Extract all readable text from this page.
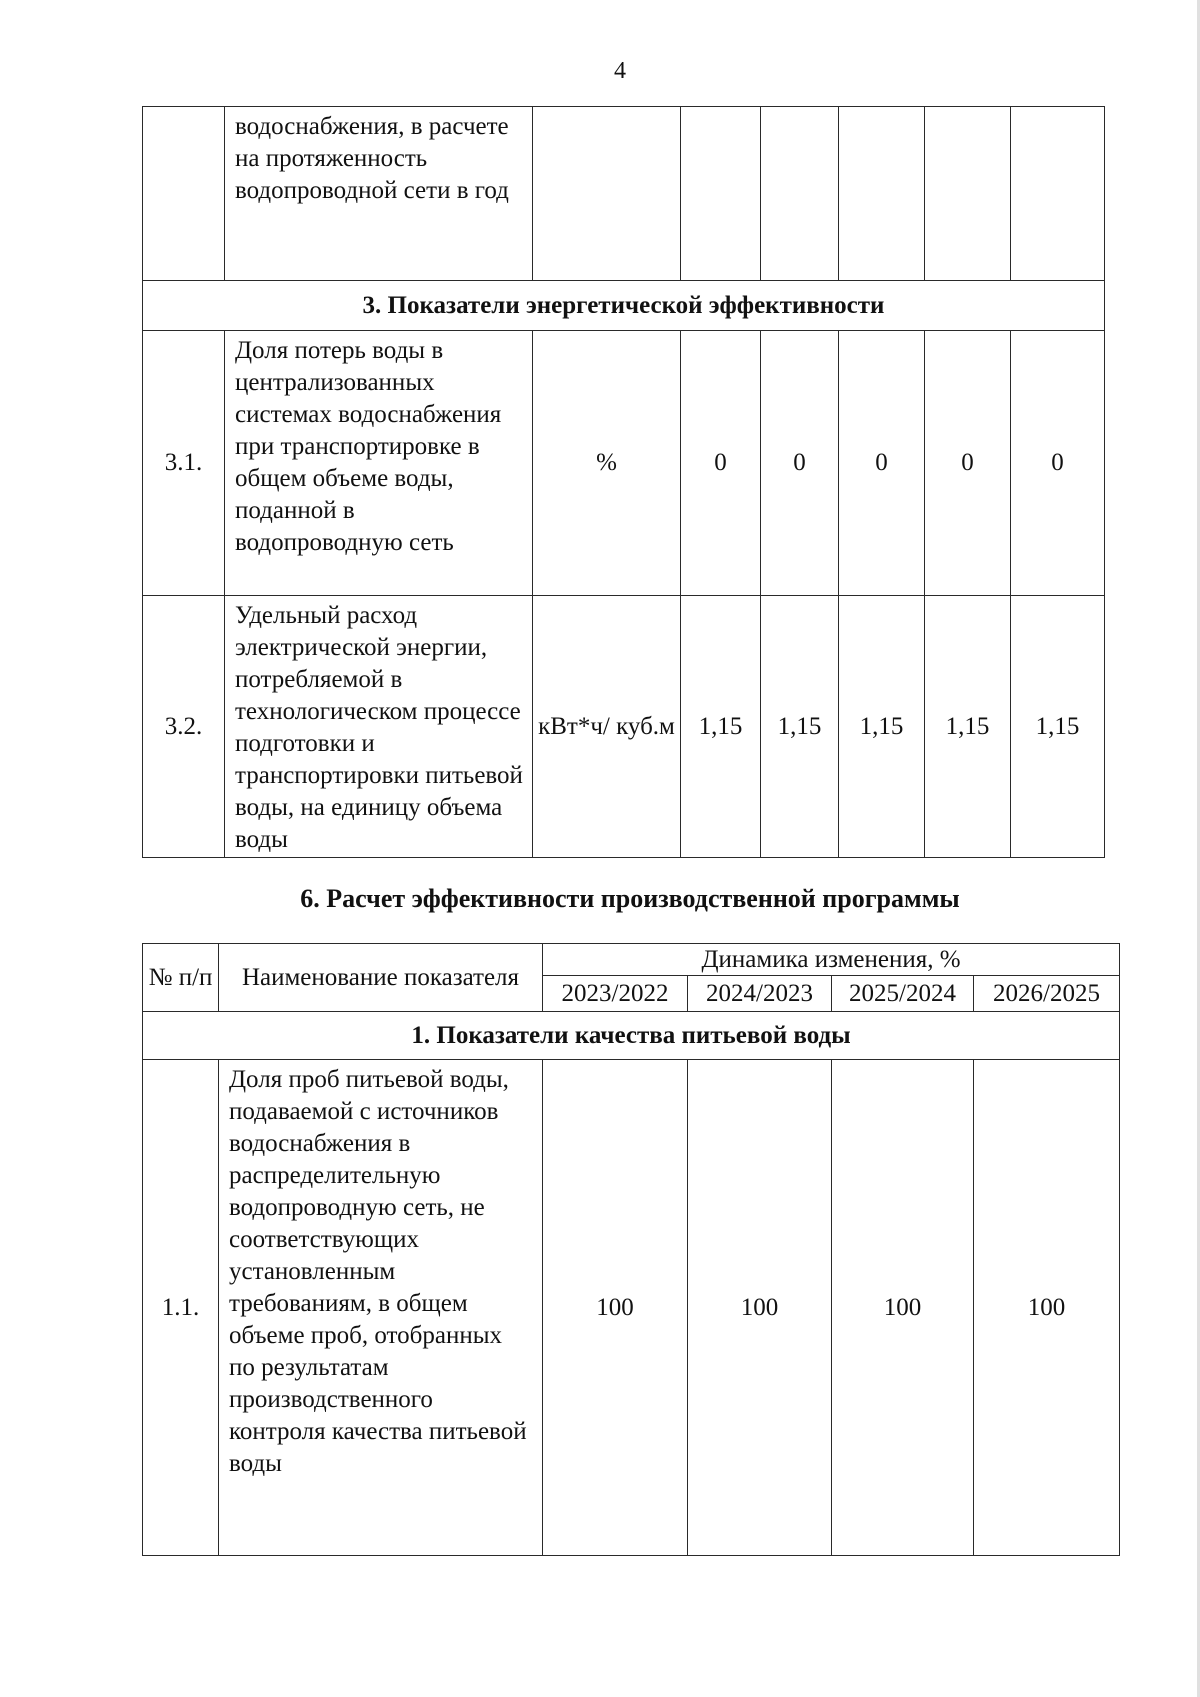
4
	водоснабжения, в расчете на протяженность водопроводной сети в год						
3. Показатели энергетической эффективности							
3.1.	Доля потерь воды в централизованных системах водоснабжения при транспортировке в общем объеме воды, поданной в водопроводную сеть	%	0	0	0	0	0
3.2.	Удельный расход электрической энергии, потребляемой в технологическом процессе подготовки и транспортировки питьевой воды, на единицу объема воды	кВт*ч/ куб.м	1,15	1,15	1,15	1,15	1,15
6. Расчет эффективности производственной программы
№ п/п	Наименование показателя	Динамика изменения, %			
		2023/2022	2024/2023	2025/2024	2026/2025
1. Показатели качества питьевой воды					
1.1.	Доля проб питьевой воды, подаваемой с источников водоснабжения в распределительную водопроводную сеть, не соответствующих установленным требованиям, в общем объеме проб, отобранных по результатам производственного контроля качества питьевой воды	100	100	100	100
